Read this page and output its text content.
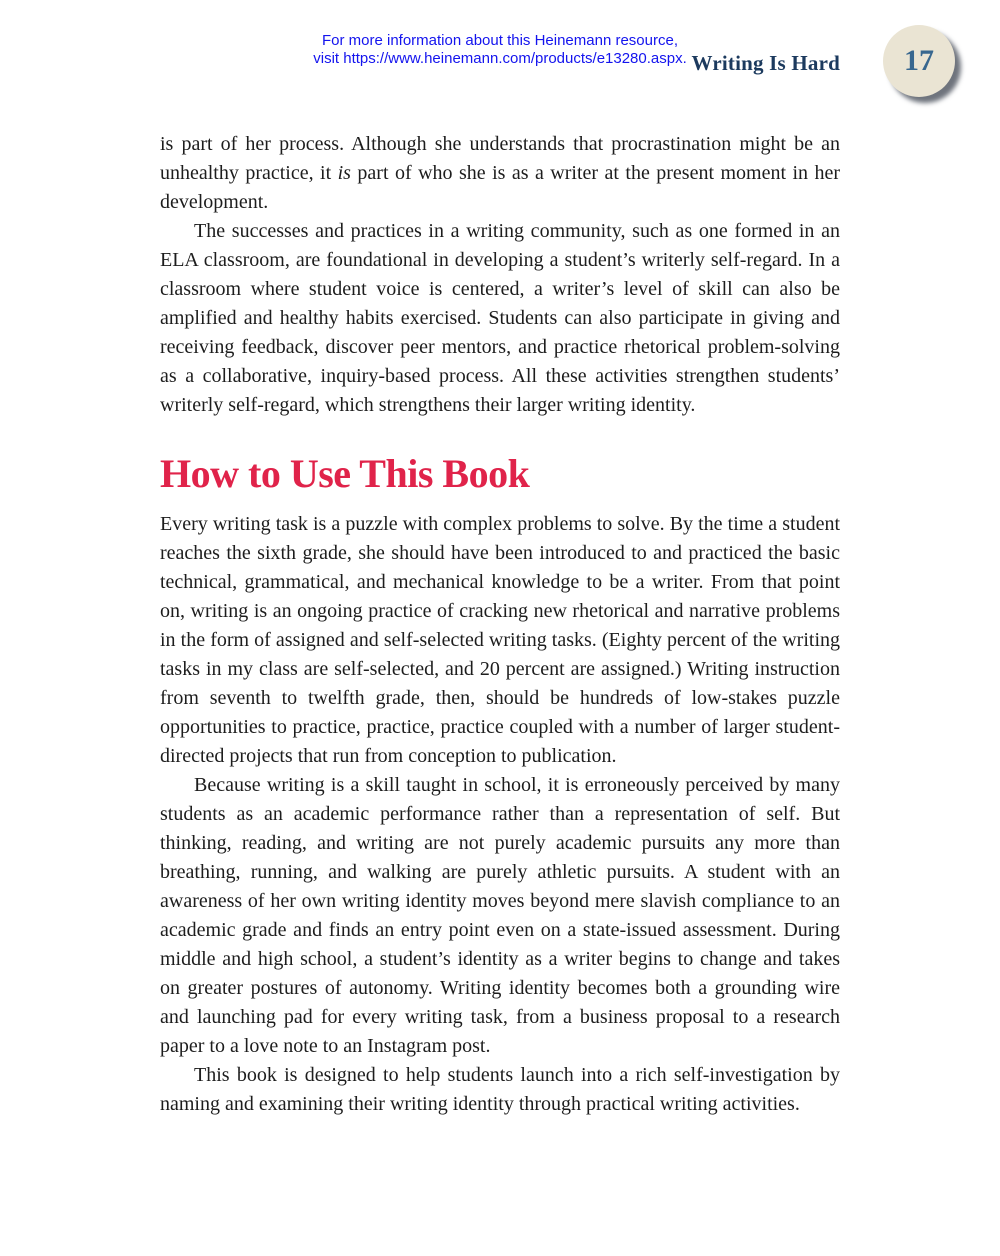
For more information about this Heinemann resource,
visit https://www.heinemann.com/products/e13280.aspx. Writing Is Hard 17

is part of her process. Although she understands that procrastination might be an unhealthy practice, it is part of who she is as a writer at the present moment in her development.

The successes and practices in a writing community, such as one formed in an ELA classroom, are foundational in developing a student’s writerly self-regard. In a classroom where student voice is centered, a writer’s level of skill can also be amplified and healthy habits exercised. Students can also participate in giving and receiving feedback, discover peer mentors, and practice rhetorical problem-solving as a collaborative, inquiry-based process. All these activities strengthen students’ writerly self-regard, which strengthens their larger writing identity.

How to Use This Book

Every writing task is a puzzle with complex problems to solve. By the time a student reaches the sixth grade, she should have been introduced to and practiced the basic technical, grammatical, and mechanical knowledge to be a writer. From that point on, writing is an ongoing practice of cracking new rhetorical and narrative problems in the form of assigned and self-selected writing tasks. (Eighty percent of the writing tasks in my class are self-selected, and 20 percent are assigned.) Writing instruction from seventh to twelfth grade, then, should be hundreds of low-stakes puzzle opportunities to practice, practice, practice coupled with a number of larger student-directed projects that run from conception to publication.

Because writing is a skill taught in school, it is erroneously perceived by many students as an academic performance rather than a representation of self. But thinking, reading, and writing are not purely academic pursuits any more than breathing, running, and walking are purely athletic pursuits. A student with an awareness of her own writing identity moves beyond mere slavish compliance to an academic grade and finds an entry point even on a state-issued assessment. During middle and high school, a student’s identity as a writer begins to change and takes on greater postures of autonomy. Writing identity becomes both a grounding wire and launching pad for every writing task, from a business proposal to a research paper to a love note to an Instagram post.

This book is designed to help students launch into a rich self-investigation by naming and examining their writing identity through practical writing activities.
